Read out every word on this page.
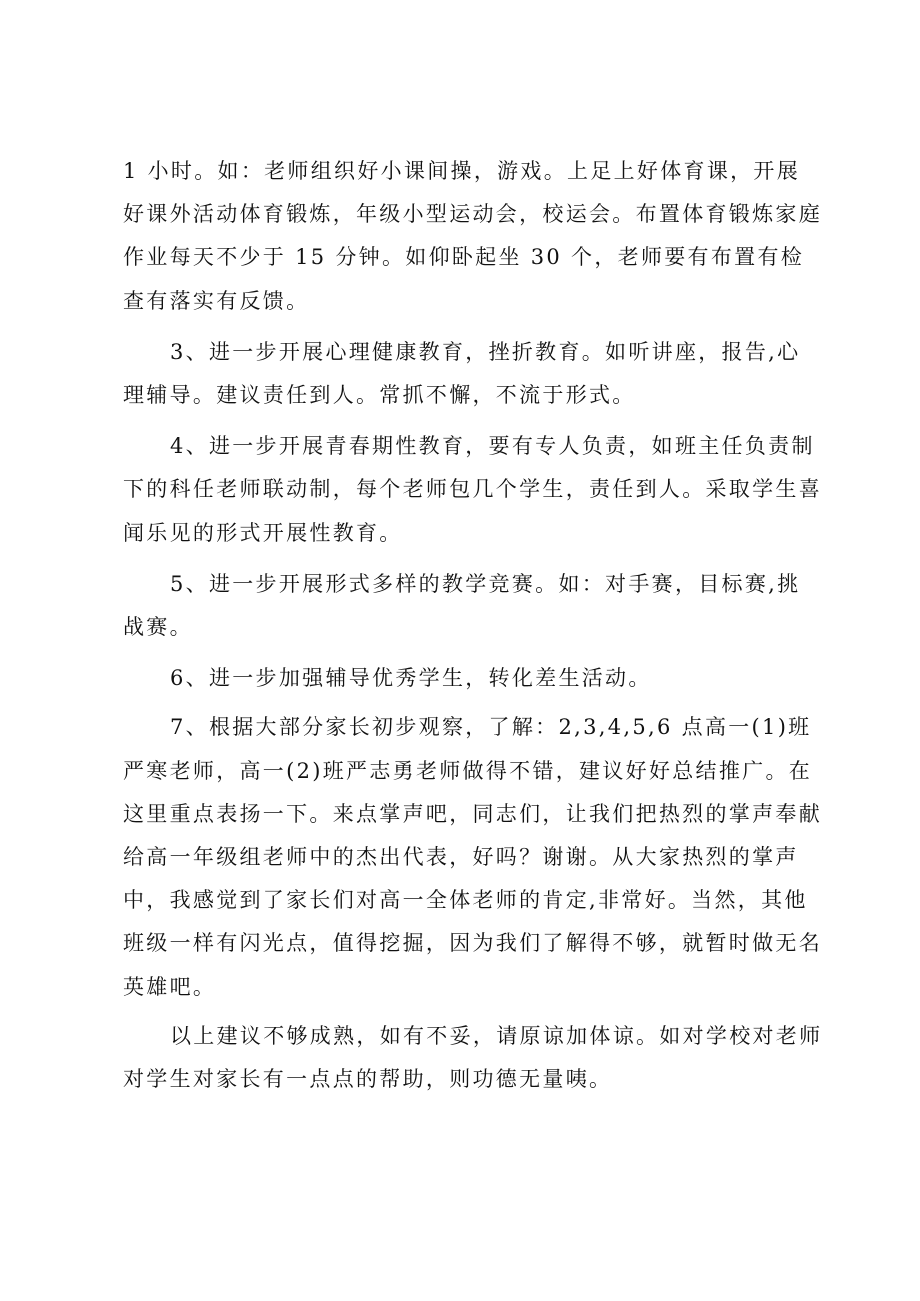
1 小时。如：老师组织好小课间操，游戏。上足上好体育课，开展好课外活动体育锻炼，年级小型运动会，校运会。布置体育锻炼家庭作业每天不少于 15 分钟。如仰卧起坐 30 个，老师要有布置有检查有落实有反馈。

3、进一步开展心理健康教育，挫折教育。如听讲座，报告,心理辅导。建议责任到人。常抓不懈，不流于形式。

4、进一步开展青春期性教育，要有专人负责，如班主任负责制下的科任老师联动制，每个老师包几个学生，责任到人。采取学生喜闻乐见的形式开展性教育。

5、进一步开展形式多样的教学竞赛。如：对手赛，目标赛,挑战赛。

6、进一步加强辅导优秀学生，转化差生活动。

7、根据大部分家长初步观察，了解：2,3,4,5,6 点高一(1)班严寒老师，高一(2)班严志勇老师做得不错，建议好好总结推广。在这里重点表扬一下。来点掌声吧，同志们，让我们把热烈的掌声奉献给高一年级组老师中的杰出代表，好吗？谢谢。从大家热烈的掌声中，我感觉到了家长们对高一全体老师的肯定,非常好。当然，其他班级一样有闪光点，值得挖掘，因为我们了解得不够，就暂时做无名英雄吧。

以上建议不够成熟，如有不妥，请原谅加体谅。如对学校对老师对学生对家长有一点点的帮助，则功德无量咦。
